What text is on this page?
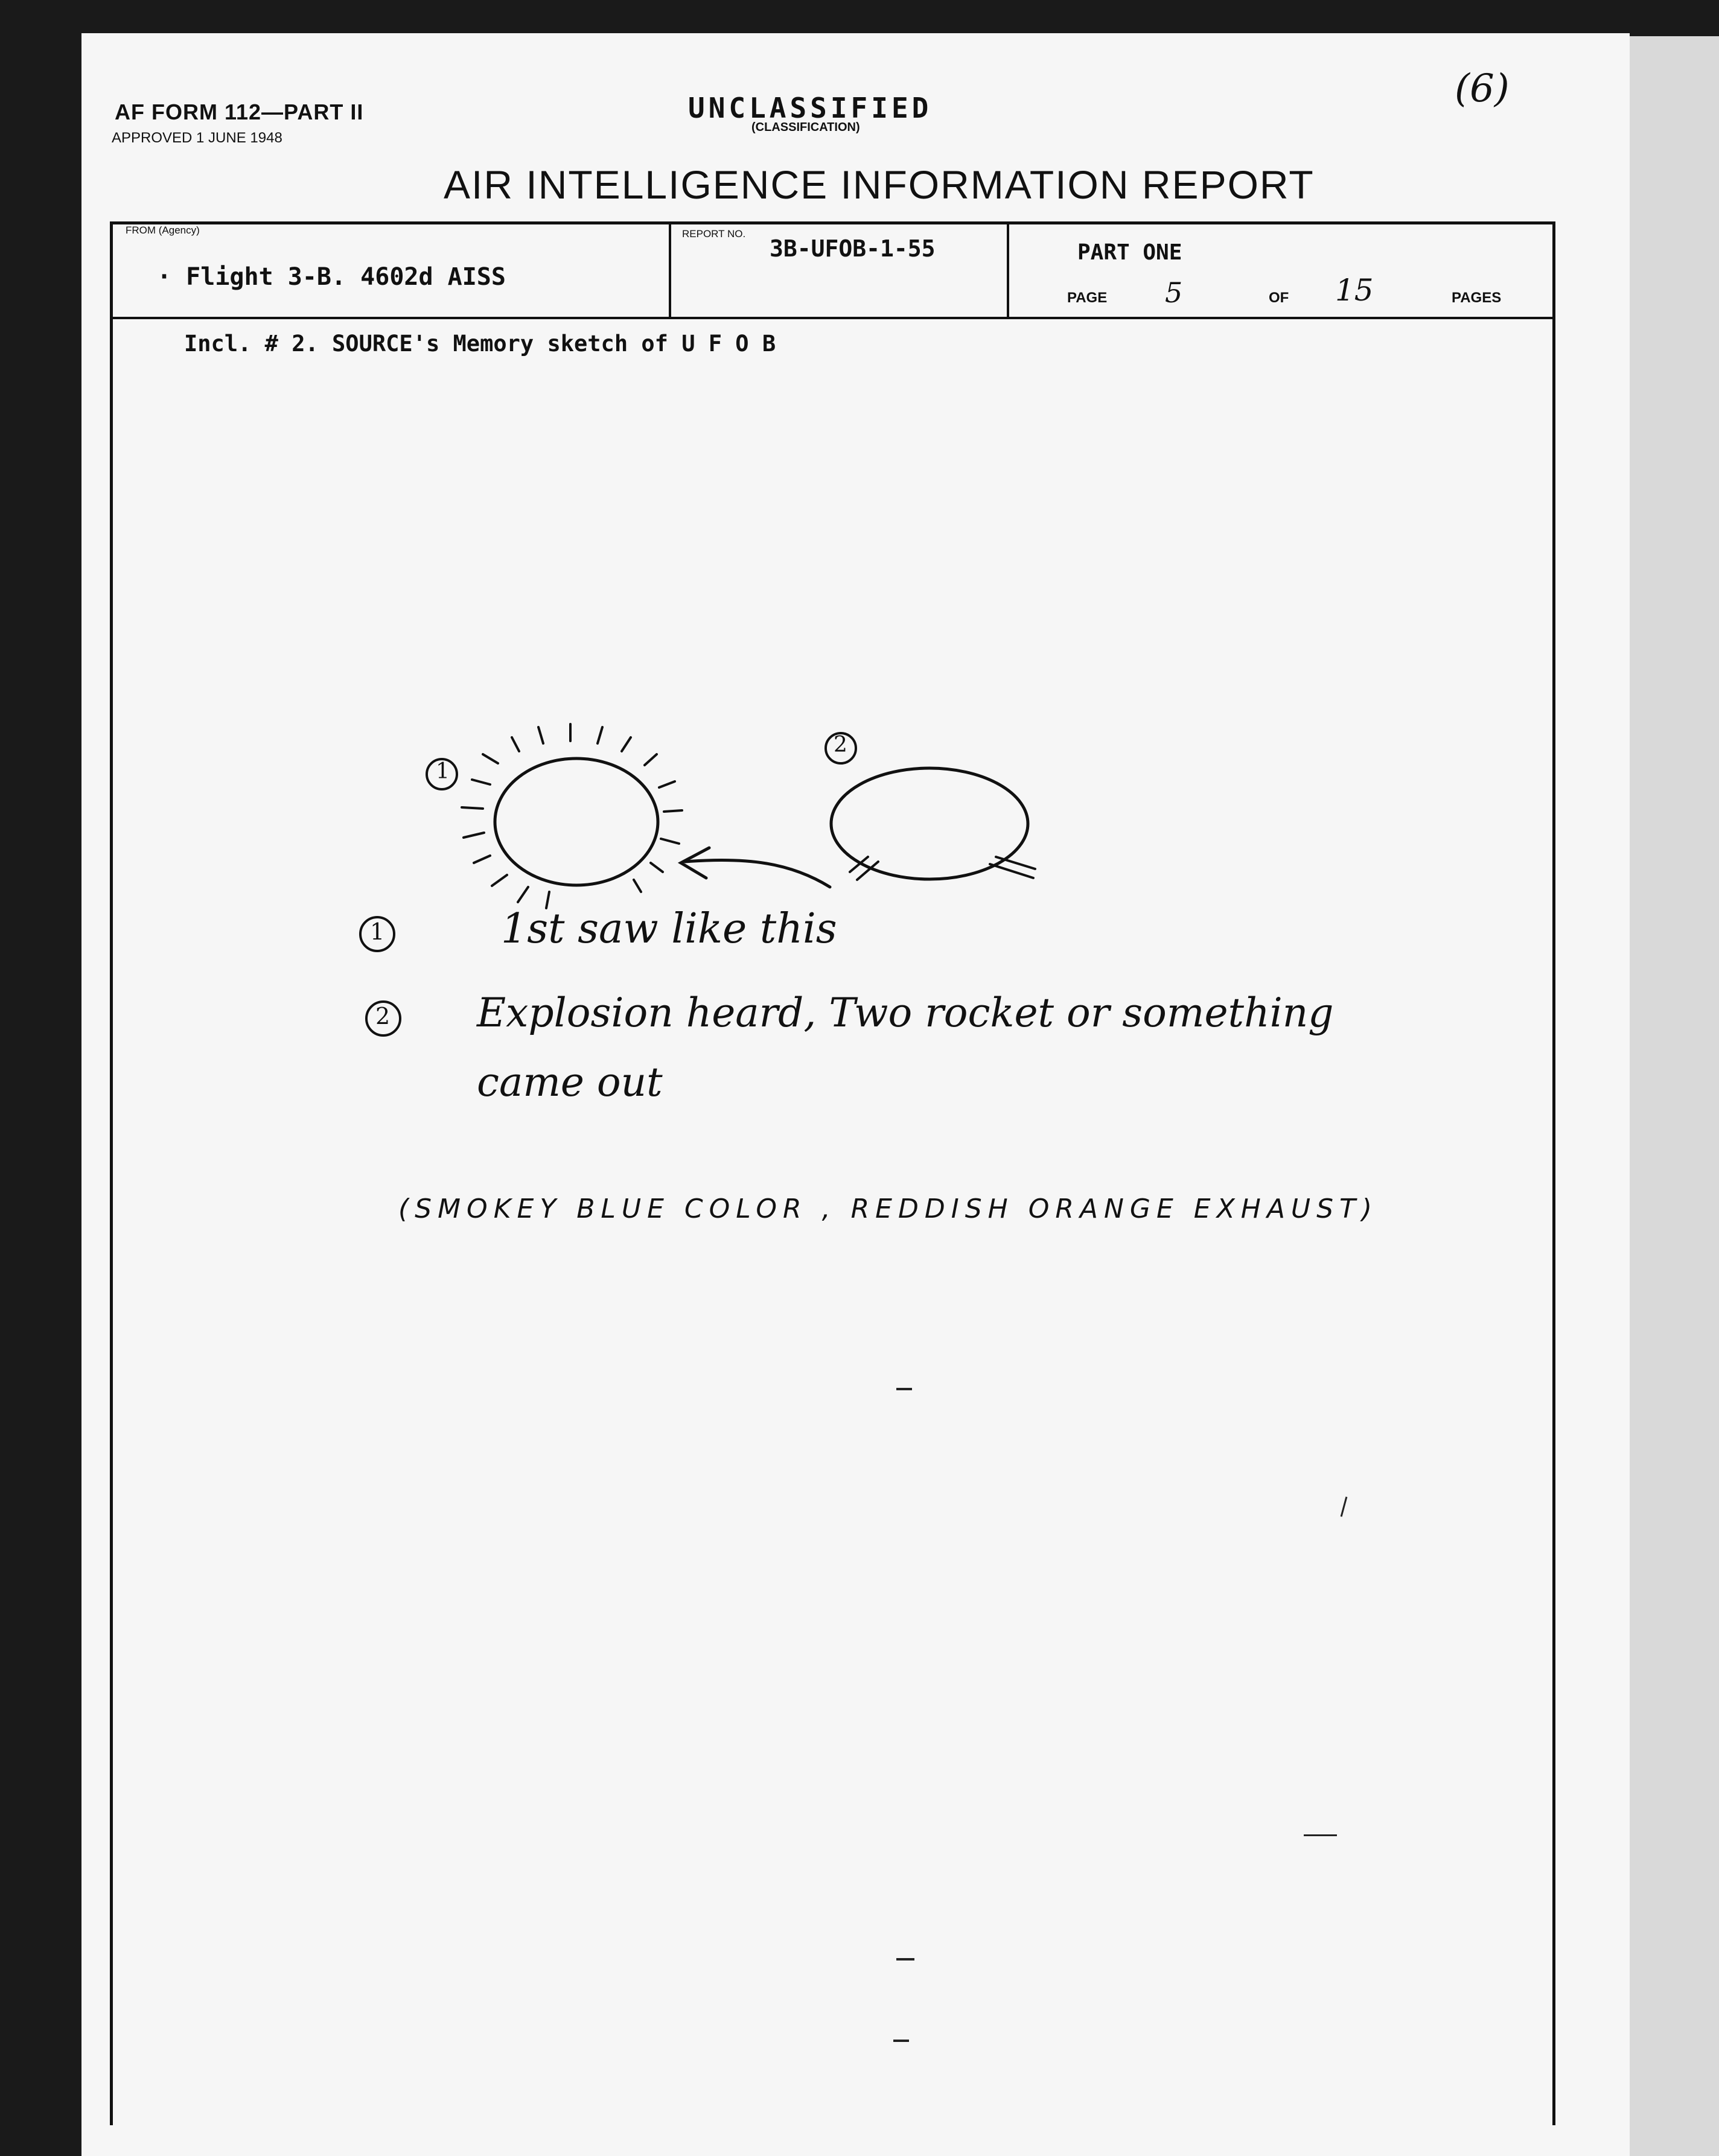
AF FORM 112—PART II
APPROVED 1 JUNE 1948
UNCLASSIFIED
(CLASSIFICATION)
(6)
AIR INTELLIGENCE INFORMATION REPORT
FROM (Agency)
· Flight 3-B. 4602d AISS
REPORT NO.
3B-UFOB-1-55	PART ONE
PAGE 5	OF 15	PAGES
Incl. # 2. SOURCE's Memory sketch of U F O B
1
2
1	1st saw like this
2 Explosion heard, Two rocket or something
came out
(SMOKEY BLUE COLOR , REDDISH ORANGE EXHAUST)
